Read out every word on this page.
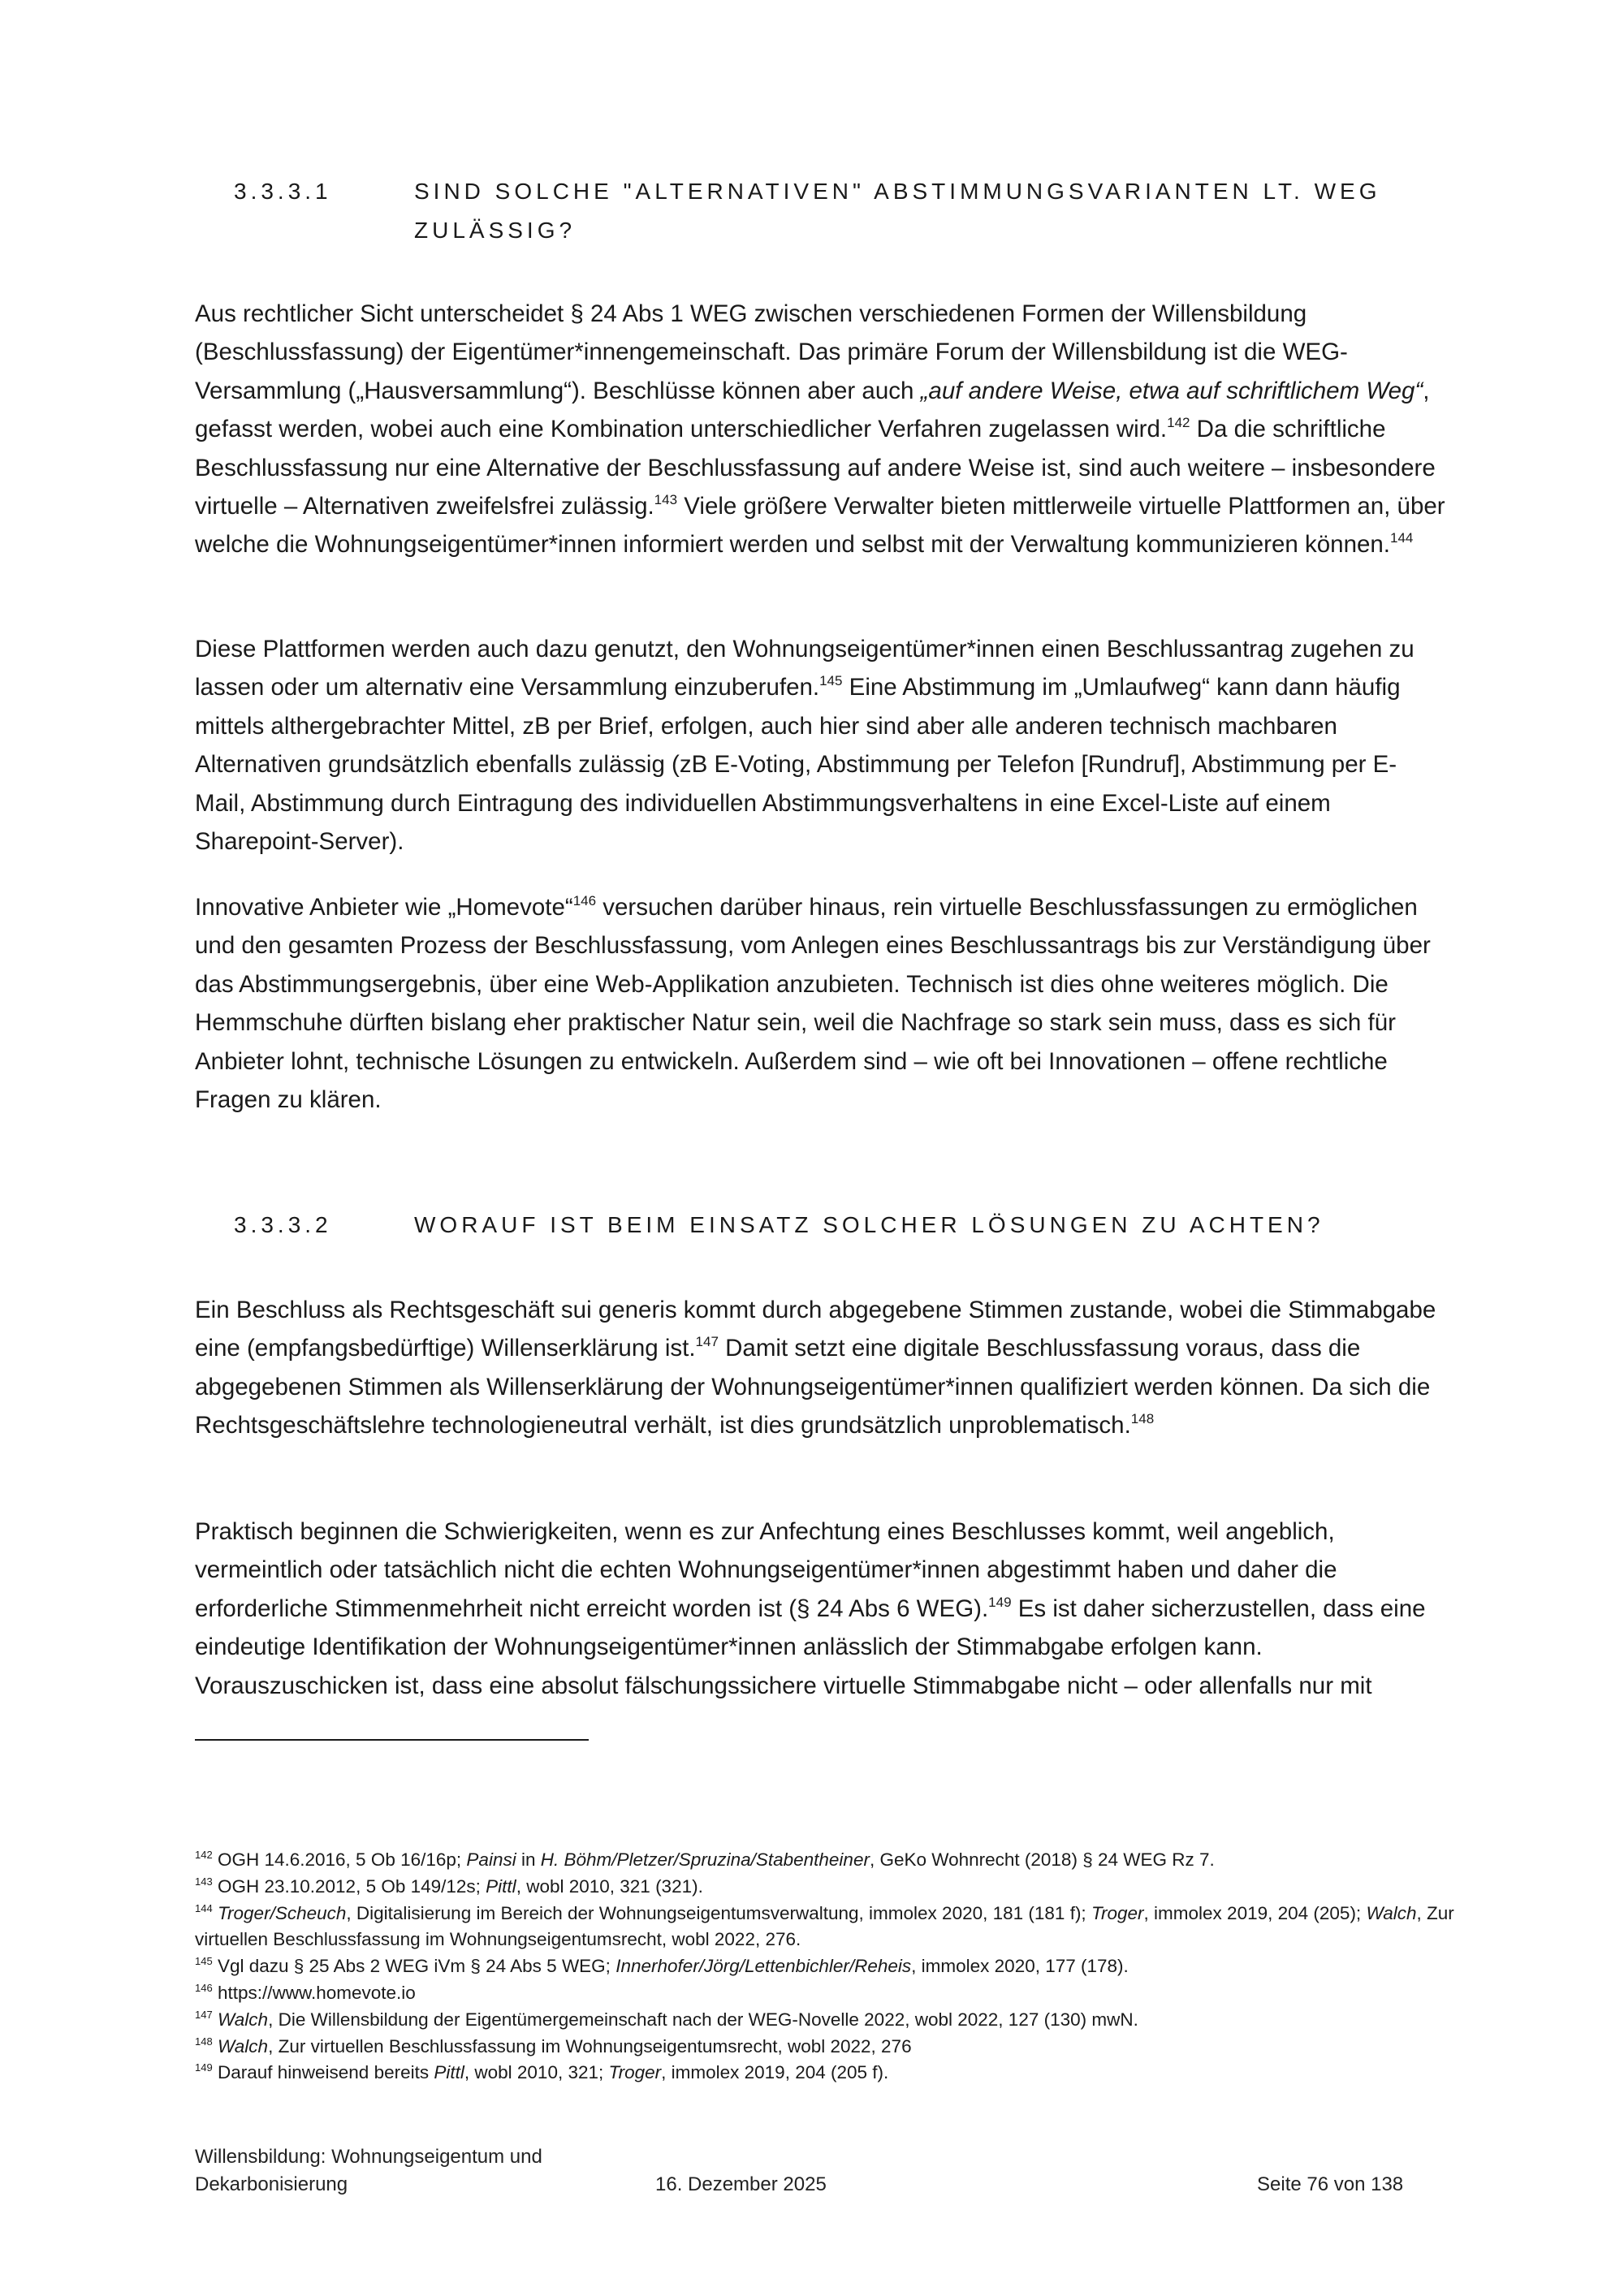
3.3.3.1	SIND SOLCHE "ALTERNATIVEN" ABSTIMMUNGSVARIANTEN LT. WEG ZULÄSSIG?

Aus rechtlicher Sicht unterscheidet § 24 Abs 1 WEG zwischen verschiedenen Formen der Willensbildung (Beschlussfassung) der Eigentümer*innengemeinschaft. Das primäre Forum der Willensbildung ist die WEG-Versammlung („Hausversammlung“). Beschlüsse können aber auch „auf andere Weise, etwa auf schriftlichem Weg“, gefasst werden, wobei auch eine Kombination unterschiedlicher Verfahren zugelassen wird.$^{142}$ Da die schriftliche Beschlussfassung nur eine Alternative der Beschlussfassung auf andere Weise ist, sind auch weitere – insbesondere virtuelle – Alternativen zweifelsfrei zulässig.$^{143}$ Viele größere Verwalter bieten mittlerweile virtuelle Plattformen an, über welche die Wohnungseigentümer*innen informiert werden und selbst mit der Verwaltung kommunizieren können.$^{144}$

Diese Plattformen werden auch dazu genutzt, den Wohnungseigentümer*innen einen Beschlussantrag zugehen zu lassen oder um alternativ eine Versammlung einzuberufen.$^{145}$ Eine Abstimmung im „Umlaufweg“ kann dann häufig mittels althergebrachter Mittel, zB per Brief, erfolgen, auch hier sind aber alle anderen technisch machbaren Alternativen grundsätzlich ebenfalls zulässig (zB E-Voting, Abstimmung per Telefon [Rundruf], Abstimmung per E-Mail, Abstimmung durch Eintragung des individuellen Abstimmungsverhaltens in eine Excel-Liste auf einem Sharepoint-Server).

Innovative Anbieter wie „Homevote“$^{146}$ versuchen darüber hinaus, rein virtuelle Beschlussfassungen zu ermöglichen und den gesamten Prozess der Beschlussfassung, vom Anlegen eines Beschlussantrags bis zur Verständigung über das Abstimmungsergebnis, über eine Web-Applikation anzubieten. Technisch ist dies ohne weiteres möglich. Die Hemmschuhe dürften bislang eher praktischer Natur sein, weil die Nachfrage so stark sein muss, dass es sich für Anbieter lohnt, technische Lösungen zu entwickeln. Außerdem sind – wie oft bei Innovationen – offene rechtliche Fragen zu klären.

3.3.3.2	WORAUF IST BEIM EINSATZ SOLCHER LÖSUNGEN ZU ACHTEN?

Ein Beschluss als Rechtsgeschäft sui generis kommt durch abgegebene Stimmen zustande, wobei die Stimmabgabe eine (empfangsbedürftige) Willenserklärung ist.$^{147}$ Damit setzt eine digitale Beschlussfassung voraus, dass die abgegebenen Stimmen als Willenserklärung der Wohnungseigentümer*innen qualifiziert werden können. Da sich die Rechtsgeschäftslehre technologieneutral verhält, ist dies grundsätzlich unproblematisch.$^{148}$

Praktisch beginnen die Schwierigkeiten, wenn es zur Anfechtung eines Beschlusses kommt, weil angeblich, vermeintlich oder tatsächlich nicht die echten Wohnungseigentümer*innen abgestimmt haben und daher die erforderliche Stimmenmehrheit nicht erreicht worden ist (§ 24 Abs 6 WEG).$^{149}$ Es ist daher sicherzustellen, dass eine eindeutige Identifikation der Wohnungseigentümer*innen anlässlich der Stimmabgabe erfolgen kann. Vorauszuschicken ist, dass eine absolut fälschungssichere virtuelle Stimmabgabe nicht – oder allenfalls nur mit

$^{142}$ OGH 14.6.2016, 5 Ob 16/16p; Painsi in H. Böhm/Pletzer/Spruzina/Stabentheiner, GeKo Wohnrecht (2018) § 24 WEG Rz 7.

$^{143}$ OGH 23.10.2012, 5 Ob 149/12s; Pittl, wobl 2010, 321 (321).

$^{144}$ Troger/Scheuch, Digitalisierung im Bereich der Wohnungseigentumsverwaltung, immolex 2020, 181 (181 f); Troger, immolex 2019, 204 (205); Walch, Zur virtuellen Beschlussfassung im Wohnungseigentumsrecht, wobl 2022, 276.

$^{145}$ Vgl dazu § 25 Abs 2 WEG iVm § 24 Abs 5 WEG; Innerhofer/Jörg/Lettenbichler/Reheis, immolex 2020, 177 (178).

$^{146}$ https://www.homevote.io

$^{147}$ Walch, Die Willensbildung der Eigentümergemeinschaft nach der WEG-Novelle 2022, wobl 2022, 127 (130) mwN.

$^{148}$ Walch, Zur virtuellen Beschlussfassung im Wohnungseigentumsrecht, wobl 2022, 276

$^{149}$ Darauf hinweisend bereits Pittl, wobl 2010, 321; Troger, immolex 2019, 204 (205 f).

Willensbildung: Wohnungseigentum und
Dekarbonisierung	16. Dezember 2025	Seite 76 von 138
